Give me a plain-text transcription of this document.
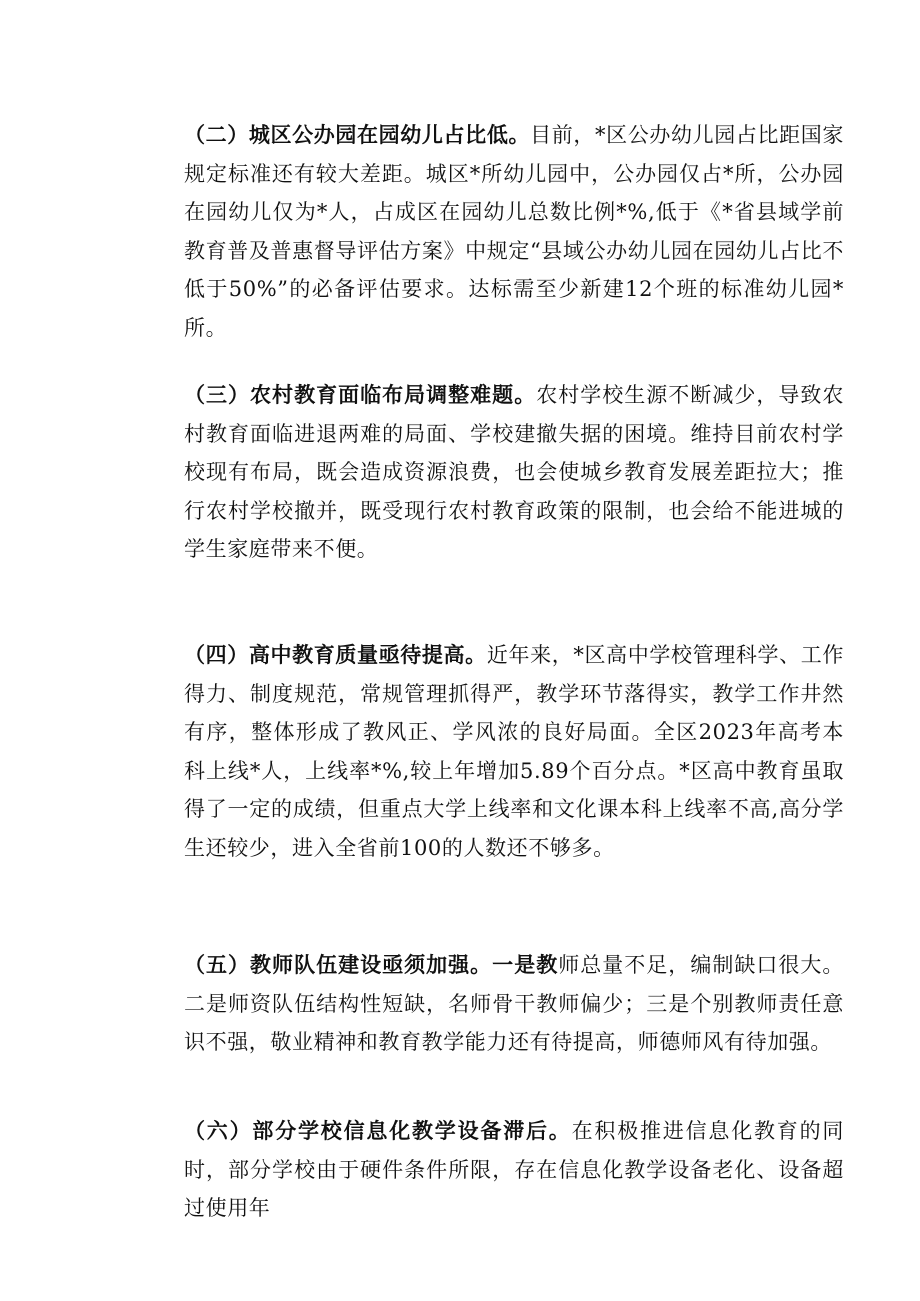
（二）城区公办园在园幼儿占比低。目前，*区公办幼儿园占比距国家规定标准还有较大差距。城区*所幼儿园中，公办园仅占*所，公办园在园幼儿仅为*人，占成区在园幼儿总数比例*%,低于《*省县域学前教育普及普惠督导评估方案》中规定“县域公办幼儿园在园幼儿占比不低于50%”的必备评估要求。达标需至少新建12个班的标准幼儿园*所。

（三）农村教育面临布局调整难题。农村学校生源不断减少，导致农村教育面临进退两难的局面、学校建撤失据的困境。维持目前农村学校现有布局，既会造成资源浪费，也会使城乡教育发展差距拉大；推行农村学校撤并，既受现行农村教育政策的限制，也会给不能进城的学生家庭带来不便。

（四）高中教育质量亟待提高。近年来，*区高中学校管理科学、工作得力、制度规范，常规管理抓得严，教学环节落得实，教学工作井然有序，整体形成了教风正、学风浓的良好局面。全区2023年高考本科上线*人，上线率*%,较上年增加5.89个百分点。*区高中教育虽取得了一定的成绩，但重点大学上线率和文化课本科上线率不高,高分学生还较少，进入全省前100的人数还不够多。

（五）教师队伍建设亟须加强。一是教师总量不足，编制缺口很大。二是师资队伍结构性短缺，名师骨干教师偏少；三是个别教师责任意识不强，敬业精神和教育教学能力还有待提高，师德师风有待加强。

（六）部分学校信息化教学设备滞后。在积极推进信息化教育的同时，部分学校由于硬件条件所限，存在信息化教学设备老化、设备超过使用年
